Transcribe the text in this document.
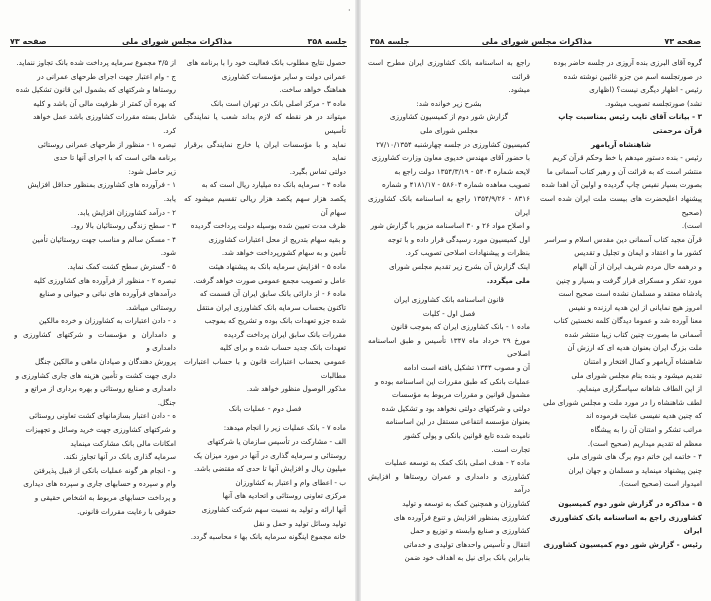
·
صفحه ۷۳	مذاکرات مجلس شورای ملی	جلسه ۳۵۸

حصول نتایج مطلوب بانک فعالیت خود را با برنامه های

عمرانی دولت و سایر مؤسسات کشاورزی

هماهنگ خواهد ساخت.

ماده ۳ - مرکز اصلی بانک در تهران است بانک

میتواند در هر نقطه که لازم بداند شعب یا نمایندگی تأسیس

نماید و با مؤسسات ایران یا خارج نمایندگی برقرار نماید

دولتی تماس بگیرد.

ماده ۴ - سرمایه بانک ده میلیارد ریال است که به

یکصد هزار سهم یکصد هزار ریالی تقسیم میشود که سهام آن

ظرف مدت تعیین شده بوسیله دولت پرداخت گردیده

و بقیه سهام بتدریج از محل اعتبارات کشاورزی

تأمین و به سهام کشورپرداخت خواهد شد.

ماده ۵ - افزایش سرمایه بانک به پیشنهاد هیئت

عامل و تصویب مجمع عمومی صورت خواهد گرفت.

ماده ۶ - از دارائی بانک سابق ایران آن قسمت که

تاکنون بحساب سرمایه بانک کشاورزی ایران منتقل

شده جزو تعهدات بانک بوده و تشریح که بموجب

مقررات بانک سابق ایران پرداخت گردیده

تعهدات بانک جدید حساب شده و برای کلیه

عمومی بحساب اعتبارات قانون و با حساب اعتبارات مطالبات

مذکور الوصول منظور خواهد شد.

فصل دوم - عملیات بانک

ماده ۷ - بانک عملیات زیر را انجام میدهد:

الف - مشارکت در تأسیس سازمان یا شرکتهای

روستائی و سرمایه گذاری در آنها در مورد میزان یک

میلیون ریال و افزایش آنها تا حدی که مقتضی باشد.

ب - اعطای وام و اعتبار به کشاورزان

مرکزی تعاونی روستائی و اتحادیه های آنها

آنها ارائه و تولید به نسبت سهم شرکت کشاورزی

تولید وسائل تولید و حمل و نقل

خانه مجموع اینگونه سرمایه بانک بها ء محاسبه گردد.

از ۴/۵ مجموع سرمایه پرداخت شده بانک تجاوز ننماید.

ج - وام اعتبار جهت اجرای طرحهای عمرانی در

روستاها و شرکتهای که بشمول این قانون تشکیل شده

که بهره آن کمتر از ظرفیت مالی آن باشد و کلیه

شامل بسته مقررات کشاورزی باشد عمل خواهد

کرد.

تبصره ۱ - منظور از طرحهای عمرانی روستائی

برنامه هائی است که با اجرای آنها تا حدی

زیر حاصل شود:

۱ - فرآورده های کشاورزی بمنظور حداقل افزایش

یابد.

۲ - درآمد کشاورزان افزایش یابد.

۳ - سطح زندگی روستائیان بالا رود.

۴ - مسکن سالم و مناسب جهت روستائیان تأمین

شود.

۵ - گسترش سطح کشت کمک نماید.

تبصره ۲ - منظور از فرآورده های کشاورزی کلیه

درآمدهای فرآورده های نباتی و حیوانی و صنایع

روستائی میباشد.

د - دادن اعتبارات به کشاورزان و خرده مالکین

و دامداران و مؤسسات و شرکتهای کشاورزی و دامداری و

پرورش دهندگان و صیادان ماهی و مالکین جنگل

داری جهت کشت و تأمین هزینه های جاری کشاورزی و

دامداری و صنایع روستائی و بهره برداری از مراتع و

جنگل.

ه - دادن اعتبار بسازمانهای کشت تعاونی روستائی

و شرکتهای کشاورزی جهت خرید وسائل و تجهیزات

امکانات مالی بانک مشارکت مینماید

سرمایه گذاری بانک در آنها تجاوز نکند.

و - انجام هر گونه عملیات بانکی از قبیل پذیرفتن

وام و سپرده و حسابهای جاری و سپرده های دیداری

و پرداخت حسابهای مربوط به اشخاص حقیقی و

حقوقی با رعایت مقررات قانونی.

جلسه ۳۵۸	مذاکرات مجلس شورای ملی	صفحه ۷۳

گروه آقای البرزی بنده آروزی در جلسه حاضر بوده

در صورتجلسه اسم من جزو غائبین نوشته شده

رئیس - اظهار دیگری نیست؟ (اظهاری

نشد) صورتجلسه تصویب میشود.

۳ - بیانات آقای نایب رئیس بمناسبت چاپ قرآن مرحمتی

شاهنشاه آریامهر

رئیس - بنده دستور میدهم با خط وحکم قرآن کریم

منتشر است که به قرائت آن و رهبر کتاب آسمانی ما

بصورت بسیار نفیس چاپ گردیده و اولین آن اهدا شده

پیشنهاد اعلیحضرت های بیست ملت ایران شده است (صحیح

است).

قرآن مجید کتاب آسمانی دین مقدس اسلام و سراسر

کشور ما و اعتقاد و ایمان و تجلیل و تقدیس

و درهمه حال مردم شریف ایران از آن الهام

مورد تفکر و مسکرای قرار گرفت و بسیار و چنین

پادشاه معتقد و مسلمان نشده است صحیح است

امروز هیچ نمایانی از این هدیه ارزنده و نفیس

معنا آورده شد و عموما دیدگان کلمه نخستین کتاب

آسمانی ما بصورت چنین کتاب زیبا منتشر شده

ملت بزرگ ایران بعنوان هدیه ای که ارزش آن

شاهنشاه آریامهر و کمال افتخار و امتنان

تقدیم میشود و بنده بنام مجلس شورای ملی

از این الطاف شاهانه سپاسگزاری مینمایم.

لطف شاهنشاه را در مورد ملت و مجلس شورای ملی

که چنین هدیه نفیسی عنایت فرموده اند

مراتب تشکر و امتنان آن را به پیشگاه

معظم له تقدیم میداریم (صحیح است).

۴ - خاتمه این خاتم دوم برگ های شورای ملی

چنین پیشنهاد مینماید و مسلمان و جهان ایران

امیدوار است (صحیح است).

۵ - مذاکره در گزارش شور دوم کمیسیون

کشاورزی راجع به اساسنامه بانک کشاورزی ایران

رئیس - گزارش شور دوم کمیسیون کشاورزی

راجع به اساسنامه بانک کشاورزی ایران مطرح است قرائت

میشود.

بشرح زیر خوانده شد:

گزارش شور دوم از کمیسیون کشاورزی

مجلس شورای ملی

کمیسیون کشاورزی در جلسه چهارشنبه ۲۷/۱۰/۱۳۵۴

با حضور آقای مهندس خدیوی معاون وزارت کشاورزی

لایحه شماره ۵۴۰۴ - ۱۳۵۴/۳/۱۹ دولت راجع به

تصویب معاهده شماره ۵۸۶۰۴ - ۴۱۸۱/۱۷ و شماره

۸۳۱۶ - ۱۳۵۴/۹/۲۶ راجع به اساسنامه بانک کشاورزی ایران

و اصلاح مواد ۲۶ و ۳۰ اساسنامه مزبور با گزارش شور

اول کمیسیون مورد رسیدگی قرار داده و با توجه

بنظرات و پیشنهادات اصلاحی تصویب کرد.

اینک گزارش آن بشرح زیر تقدیم مجلس شورای

ملی میگردد.

قانون اساسنامه بانک کشاورزی ایران

فصل اول - کلیات

ماده ۱ - بانک کشاورزی ایران که بموجب قانون

مورخ ۲۹ خرداد ماه ۱۳۴۷ تأسیس و طبق اساسنامه اصلاحی

آن و مصوب ۱۳۴۴ تشکیل یافته است ادامه

عملیات بانکی که طبق مقررات این اساسنامه بوده و

مشمول قوانین و مقررات مربوط به مؤسسات

دولتی و شرکتهای دولتی نخواهد بود و تشکیل شده

بعنوان مؤسسه انتفاعی مستقل در این اساسنامه

نامیده شده تابع قوانین بانکی و پولی کشور

تجارت است.

ماده ۲ - هدف اصلی بانک کمک به توسعه عملیات

کشاورزی و دامداری و عمران روستاها و افزایش درآمد

کشاورزان و همچنین کمک به توسعه و تولید

کشاورزی بمنظور افزایش و تنوع فرآورده های

کشاورزی و صنایع وابسته و توزیع و حمل

انتقال و تأسیس واحدهای تولیدی و خدماتی

بنابراین بانک برای نیل به اهداف خود ضمن
